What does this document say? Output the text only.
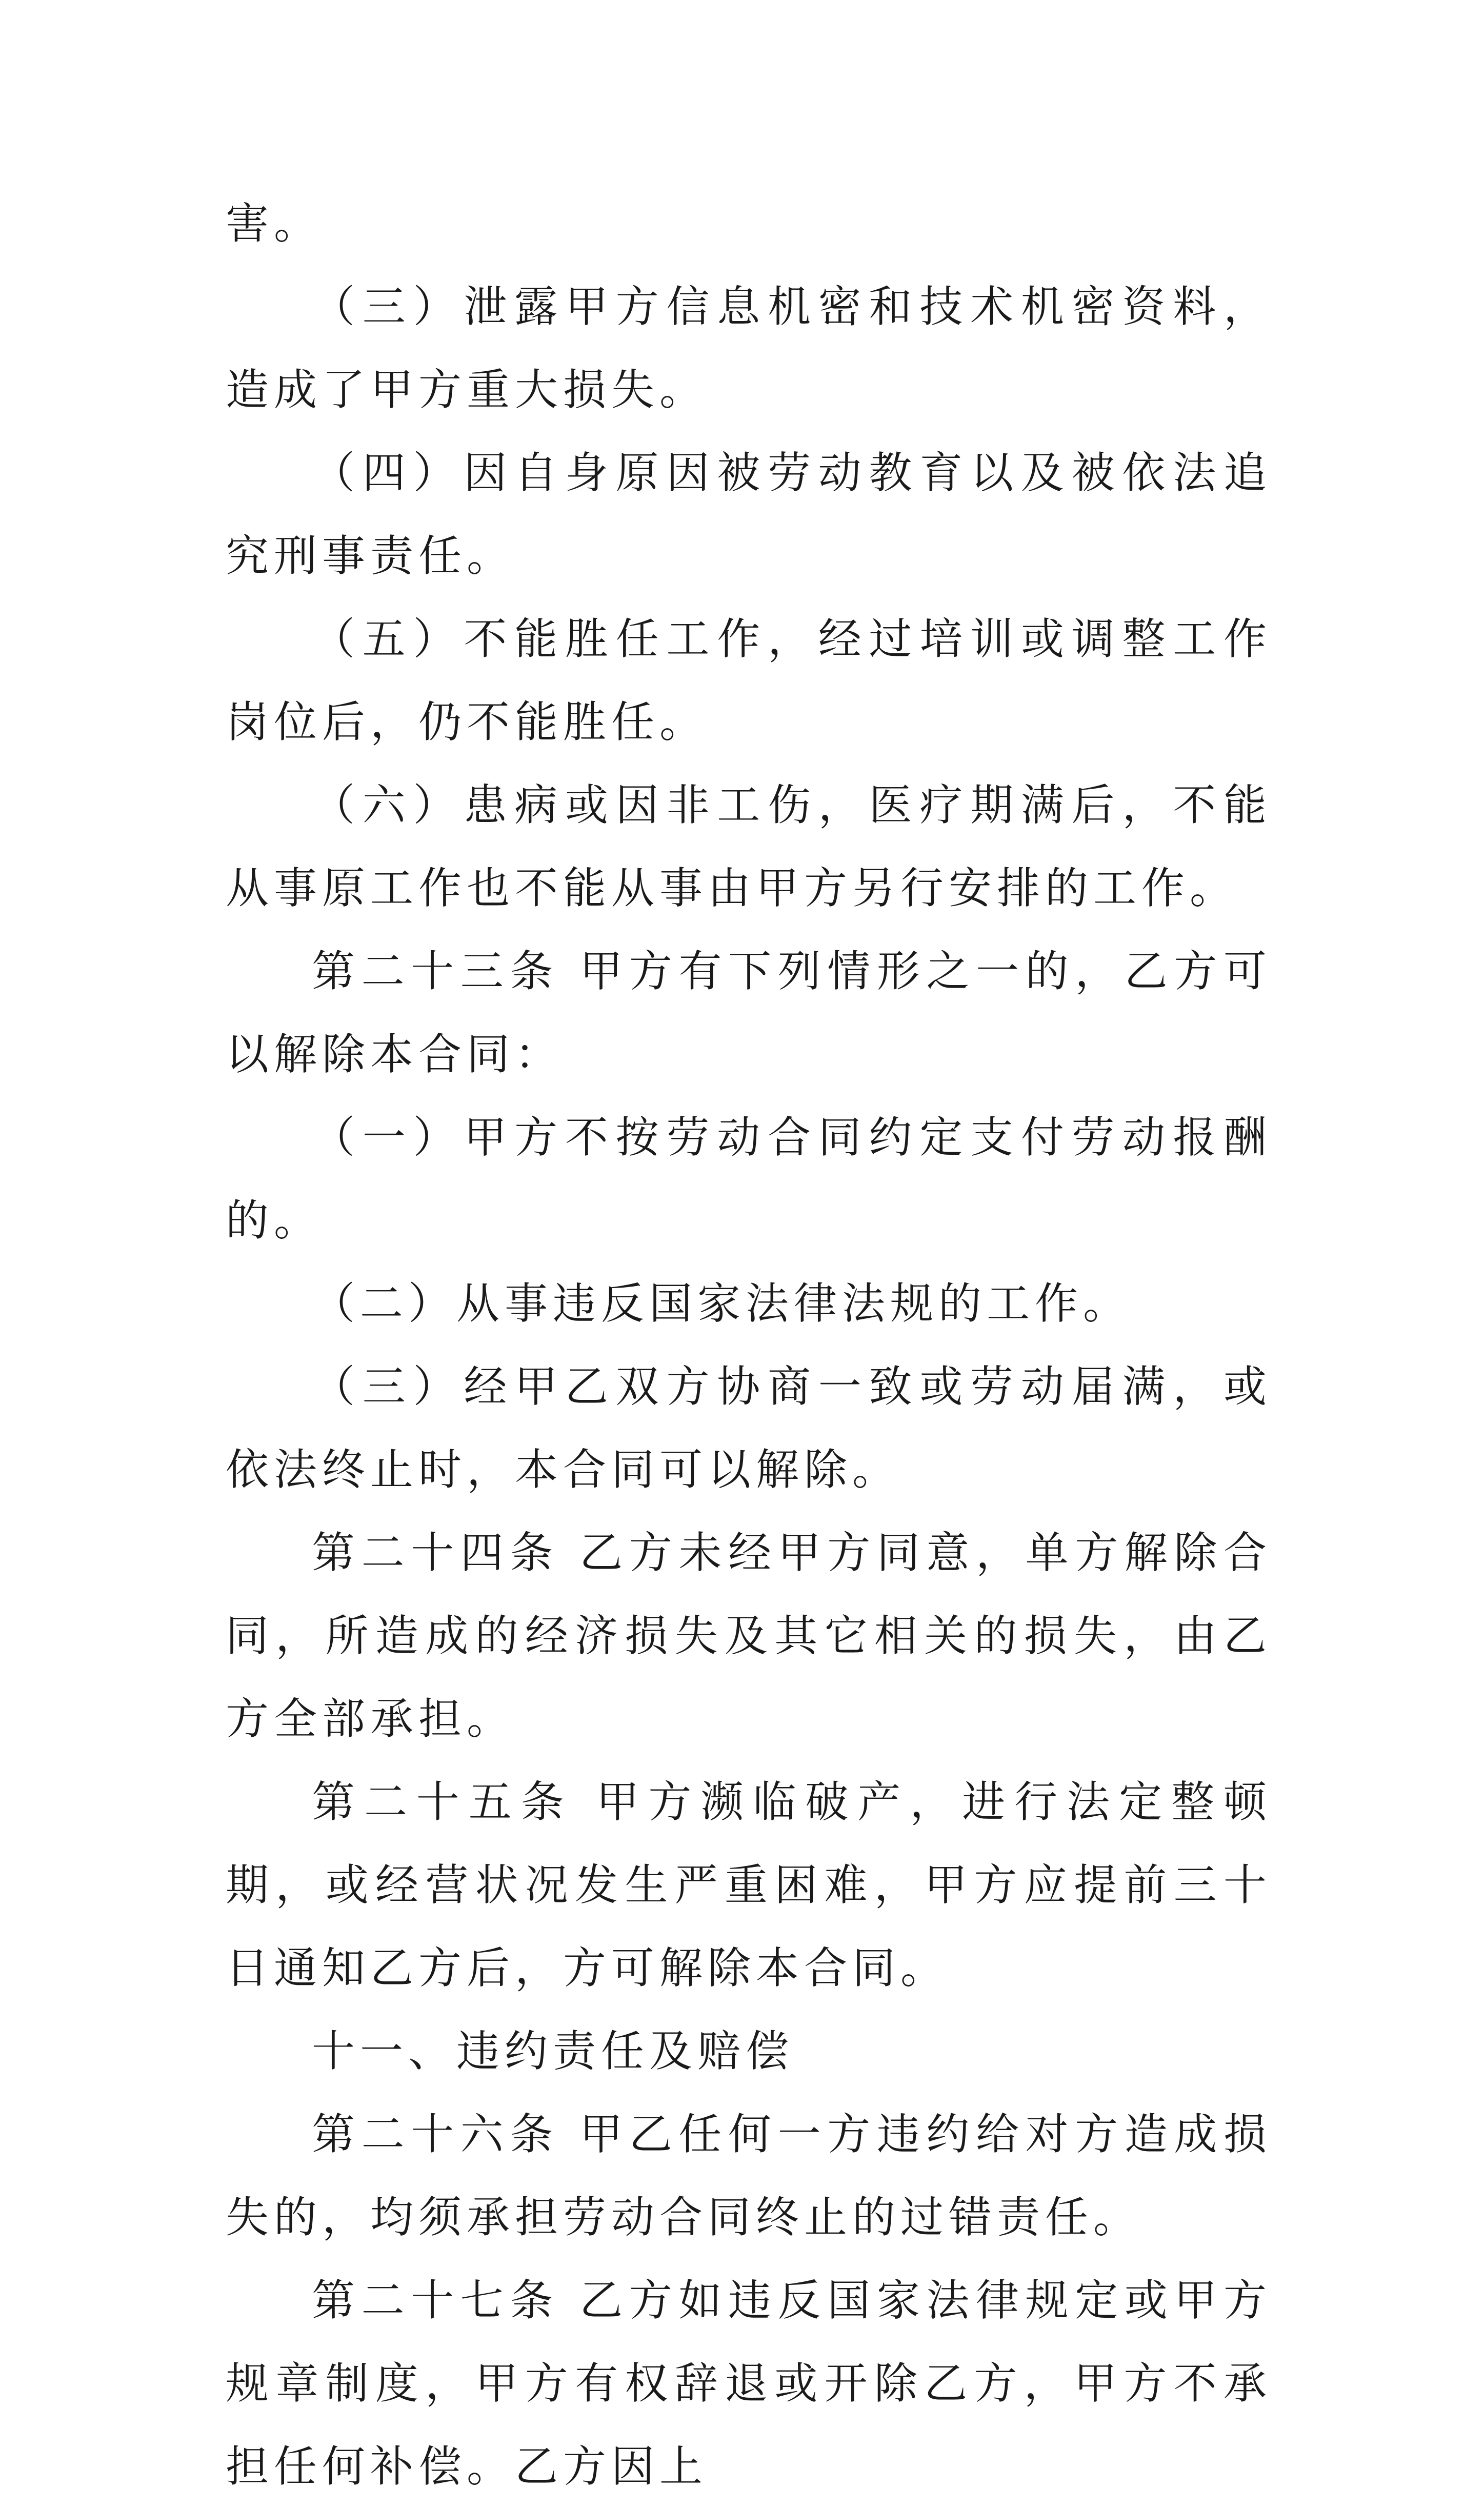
害。

（三）泄露甲方信息机密和技术机密资料，造成了甲方重大损失。

（四）因自身原因被劳动教育以及被依法追究刑事责任。

（五）不能胜任工作，经过培训或调整工作岗位后，仍不能胜任。

（六）患病或因非工伤，医疗期满后，不能从事原工作也不能从事由甲方另行安排的工作。

第二十三条 甲方有下列情形之一的，乙方可以解除本合同：

（一）甲方不按劳动合同约定支付劳动报酬的。

（二）从事违反国家法律法规的工作。

（三）经甲乙双方协商一致或劳动届满，或依法终止时，本合同可以解除。

第二十四条 乙方未经甲方同意，单方解除合同，所造成的经济损失及其它相关的损失，由乙方全部承担。

第二十五条 甲方濒临破产，进行法定整顿期，或经营状况发生严重困难，甲方应提前三十日通知乙方后，方可解除本合同。

十一、违约责任及赔偿

第二十六条 甲乙任何一方违约给对方造成损失的，均须承担劳动合同终止的过错责任。

第二十七条 乙方如违反国家法律规定或甲方规章制度，甲方有权辞退或开除乙方，甲方不承担任何补偿。乙方因上
